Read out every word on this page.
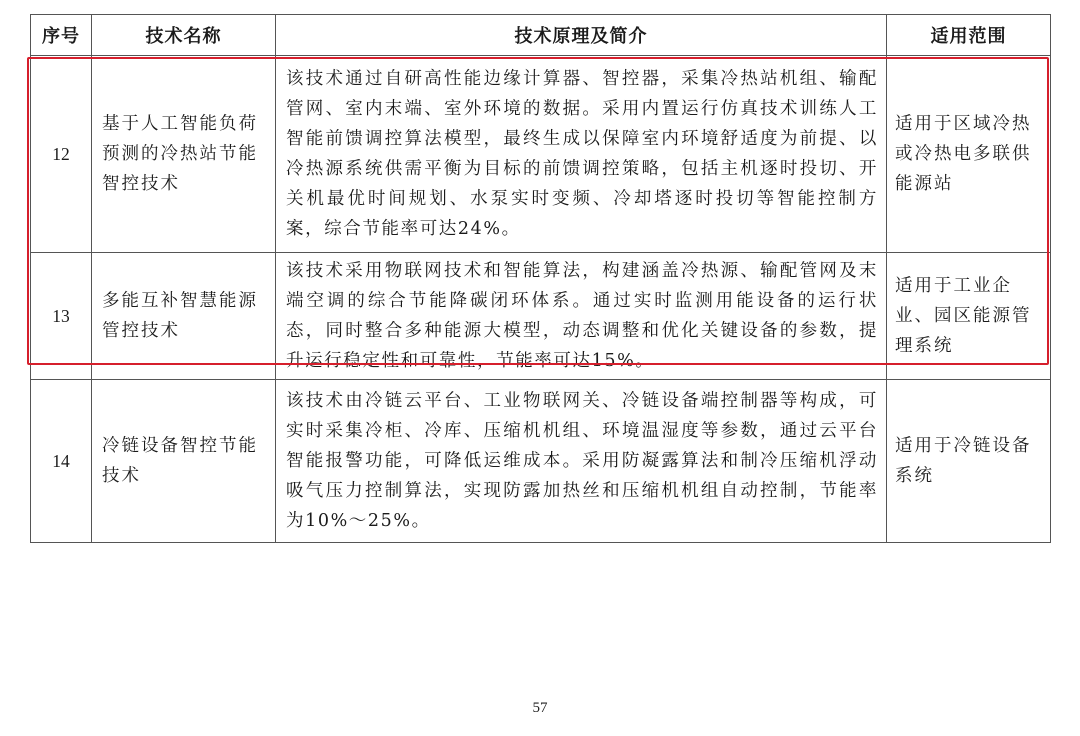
序号	技术名称	技术原理及简介	适用范围
12	基于人工智能负荷预测的冷热站节能智控技术	该技术通过自研高性能边缘计算器、智控器，采集冷热站机组、输配管网、室内末端、室外环境的数据。采用内置运行仿真技术训练人工智能前馈调控算法模型，最终生成以保障室内环境舒适度为前提、以冷热源系统供需平衡为目标的前馈调控策略，包括主机逐时投切、开关机最优时间规划、水泵实时变频、冷却塔逐时投切等智能控制方案，综合节能率可达24%。	适用于区域冷热或冷热电多联供能源站
13	多能互补智慧能源管控技术	该技术采用物联网技术和智能算法，构建涵盖冷热源、输配管网及末端空调的综合节能降碳闭环体系。通过实时监测用能设备的运行状态，同时整合多种能源大模型，动态调整和优化关键设备的参数，提升运行稳定性和可靠性，节能率可达15%。	适用于工业企业、园区能源管理系统
14	冷链设备智控节能技术	该技术由冷链云平台、工业物联网关、冷链设备端控制器等构成，可实时采集冷柜、冷库、压缩机机组、环境温湿度等参数，通过云平台智能报警功能，可降低运维成本。采用防凝露算法和制冷压缩机浮动吸气压力控制算法，实现防露加热丝和压缩机机组自动控制，节能率为10%～25%。	适用于冷链设备系统
57
